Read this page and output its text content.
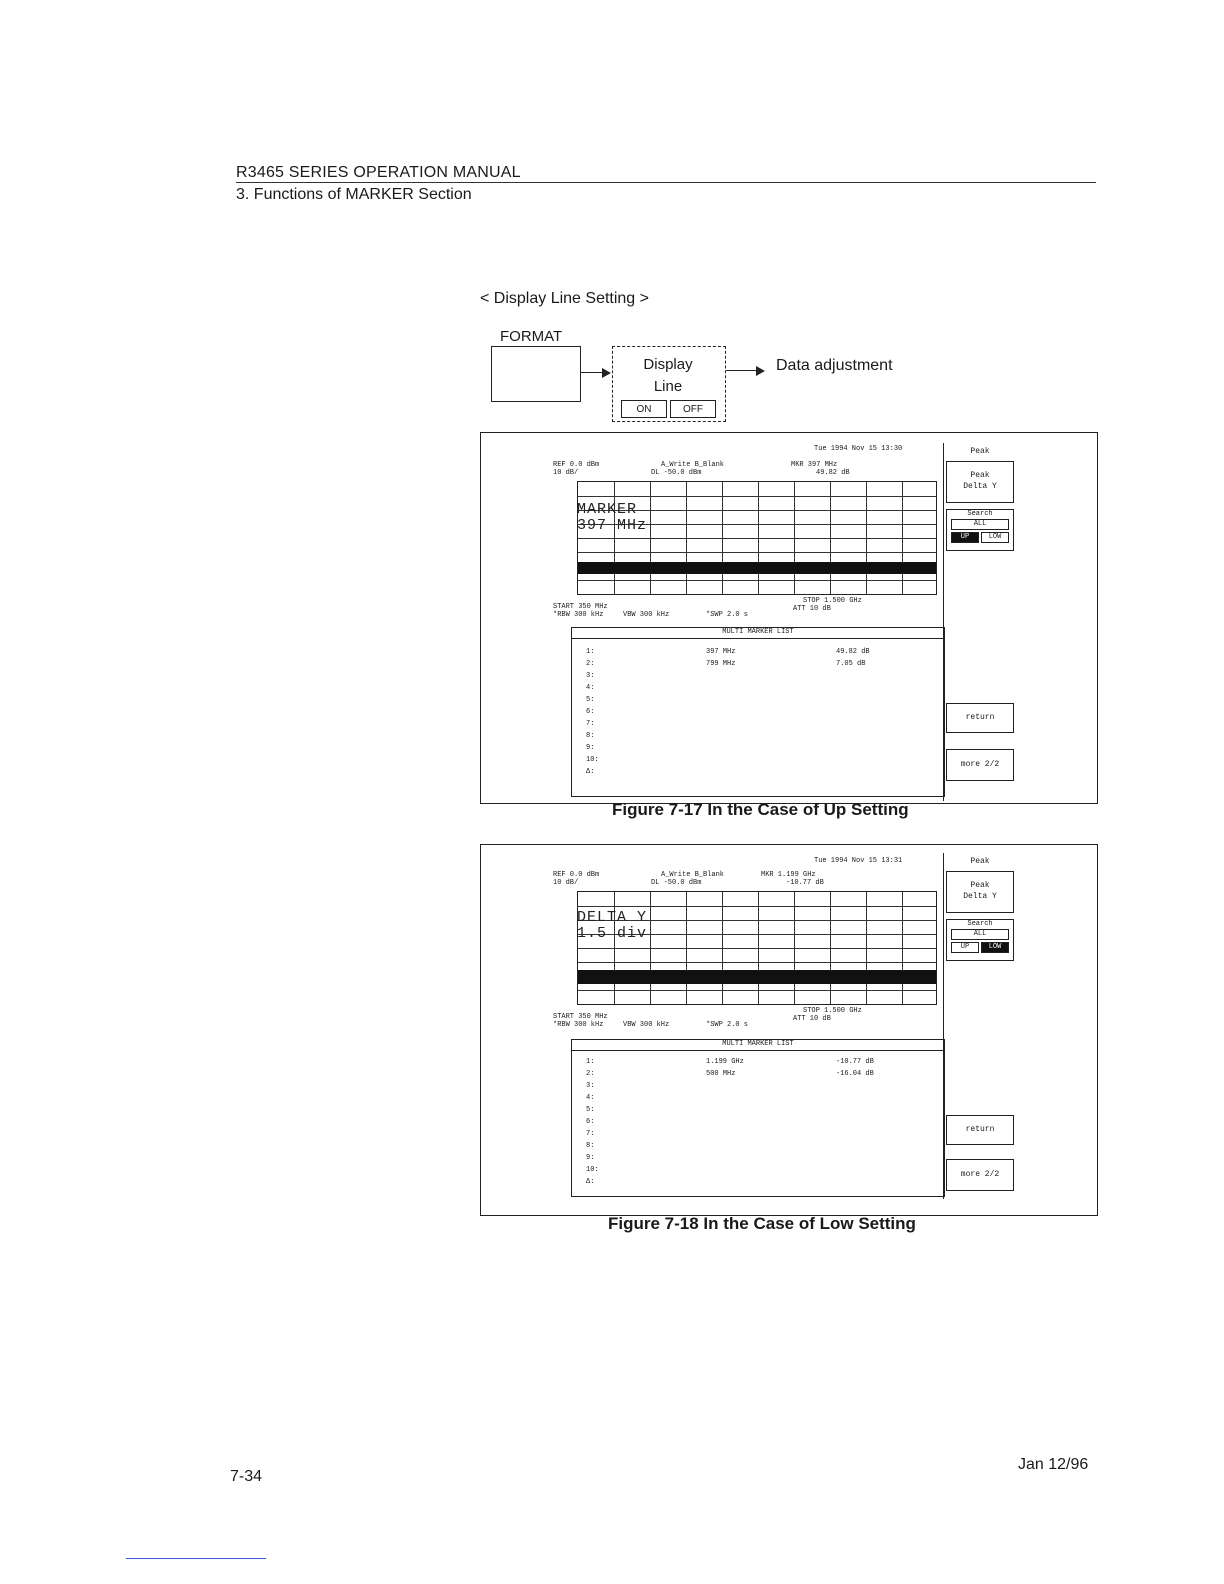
R3465 SERIES OPERATION MANUAL
3. Functions of MARKER Section
< Display Line Setting >
FORMAT
Display
Line
ON	OFF
Data adjustment
Tue 1994 Nov 15 13:30
REF 0.0 dBm
10 dB/
A_Write B_Blank
DL -50.0 dBm
MKR 397 MHz
49.82 dB
MARKER
397 MHz
START 350 MHz
STOP 1.500 GHz
*RBW 300 kHz	VBW 300 kHz	*SWP 2.0 s
ATT 10 dB
MULTI MARKER LIST
1:	397 MHz	49.82 dB
2:	799 MHz	7.05 dB
3:
4:
5:
6:
7:
8:
9:
10:
Δ:
Peak
Peak
Delta Y
Search
ALL
UP	LOW
return
more 2/2
Figure 7-17 In the Case of Up Setting
Tue 1994 Nov 15 13:31
REF 0.0 dBm
10 dB/
A_Write B_Blank
DL -50.0 dBm
MKR 1.199 GHz
-10.77 dB
DELTA Y
1.5 div
START 350 MHz
STOP 1.500 GHz
*RBW 300 kHz	VBW 300 kHz	*SWP 2.0 s
ATT 10 dB
MULTI MARKER LIST
1:	1.199 GHz	-10.77 dB
2:	500 MHz	-16.04 dB
3:
4:
5:
6:
7:
8:
9:
10:
Δ:
Peak
Peak
Delta Y
Search
ALL
UP	LOW
return
more 2/2
Figure 7-18 In the Case of Low Setting
7-34
Jan 12/96
